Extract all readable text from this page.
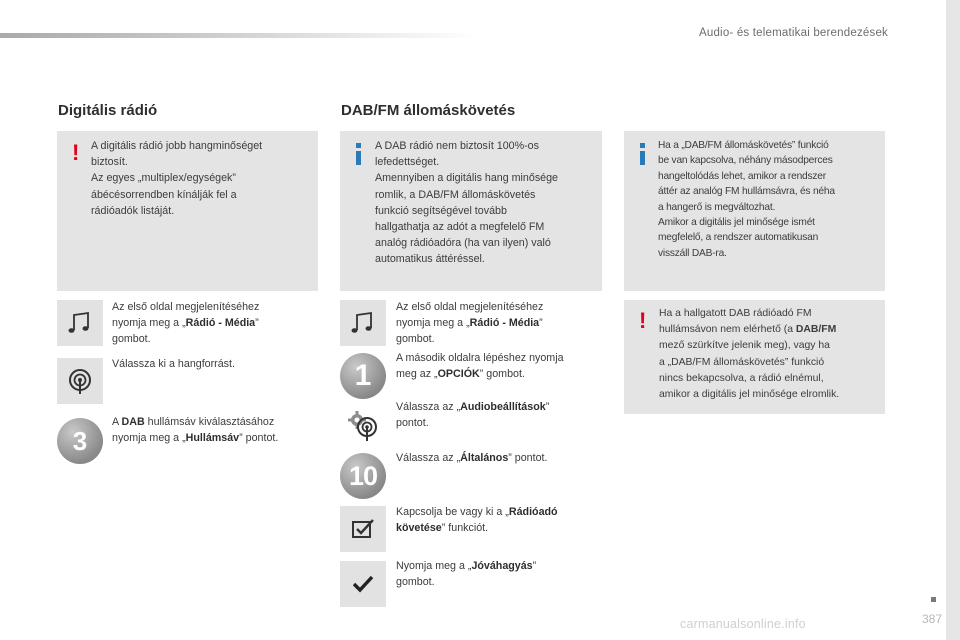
Audio- és telematikai berendezések
Digitális rádió
! A digitális rádió jobb hangminőséget
biztosít.
Az egyes „multiplex/egységek”
ábécésorrendben kínálják fel a
rádióadók listáját.
Az első oldal megjelenítéséhez
nyomja meg a „Rádió - Média”
gombot.
Válassza ki a hangforrást.
3
A DAB hullámsáv kiválasztásához
nyomja meg a „Hullámsáv” pontot.
DAB/FM állomáskövetés
A DAB rádió nem biztosít 100%-os
lefedettséget.
Amennyiben a digitális hang minősége
romlik, a DAB/FM állomáskövetés
funkció segítségével tovább
hallgathatja az adót a megfelelő FM
analóg rádióadóra (ha van ilyen) való
automatikus áttéréssel.
Az első oldal megjelenítéséhez
nyomja meg a „Rádió - Média”
gombot.
1
A második oldalra lépéshez nyomja
meg az „OPCIÓK” gombot.
Válassza az „Audiobeállítások”
pontot.
10
Válassza az „Általános” pontot.
Kapcsolja be vagy ki a „Rádióadó
követése” funkciót.
Nyomja meg a „Jóváhagyás”
gombot.
Ha a „DAB/FM állomáskövetés” funkció
be van kapcsolva, néhány másodperces
hangeltolódás lehet, amikor a rendszer
áttér az analóg FM hullámsávra, és néha
a hangerő is megváltozhat.
Amikor a digitális jel minősége ismét
megfelelő, a rendszer automatikusan
visszáll DAB-ra.
! Ha a hallgatott DAB rádióadó FM
hullámsávon nem elérhető (a DAB/FM
mező szürkítve jelenik meg), vagy ha
a „DAB/FM állomáskövetés” funkció
nincs bekapcsolva, a rádió elnémul,
amikor a digitális jel minősége elromlik.
387
carmanualsonline.info
